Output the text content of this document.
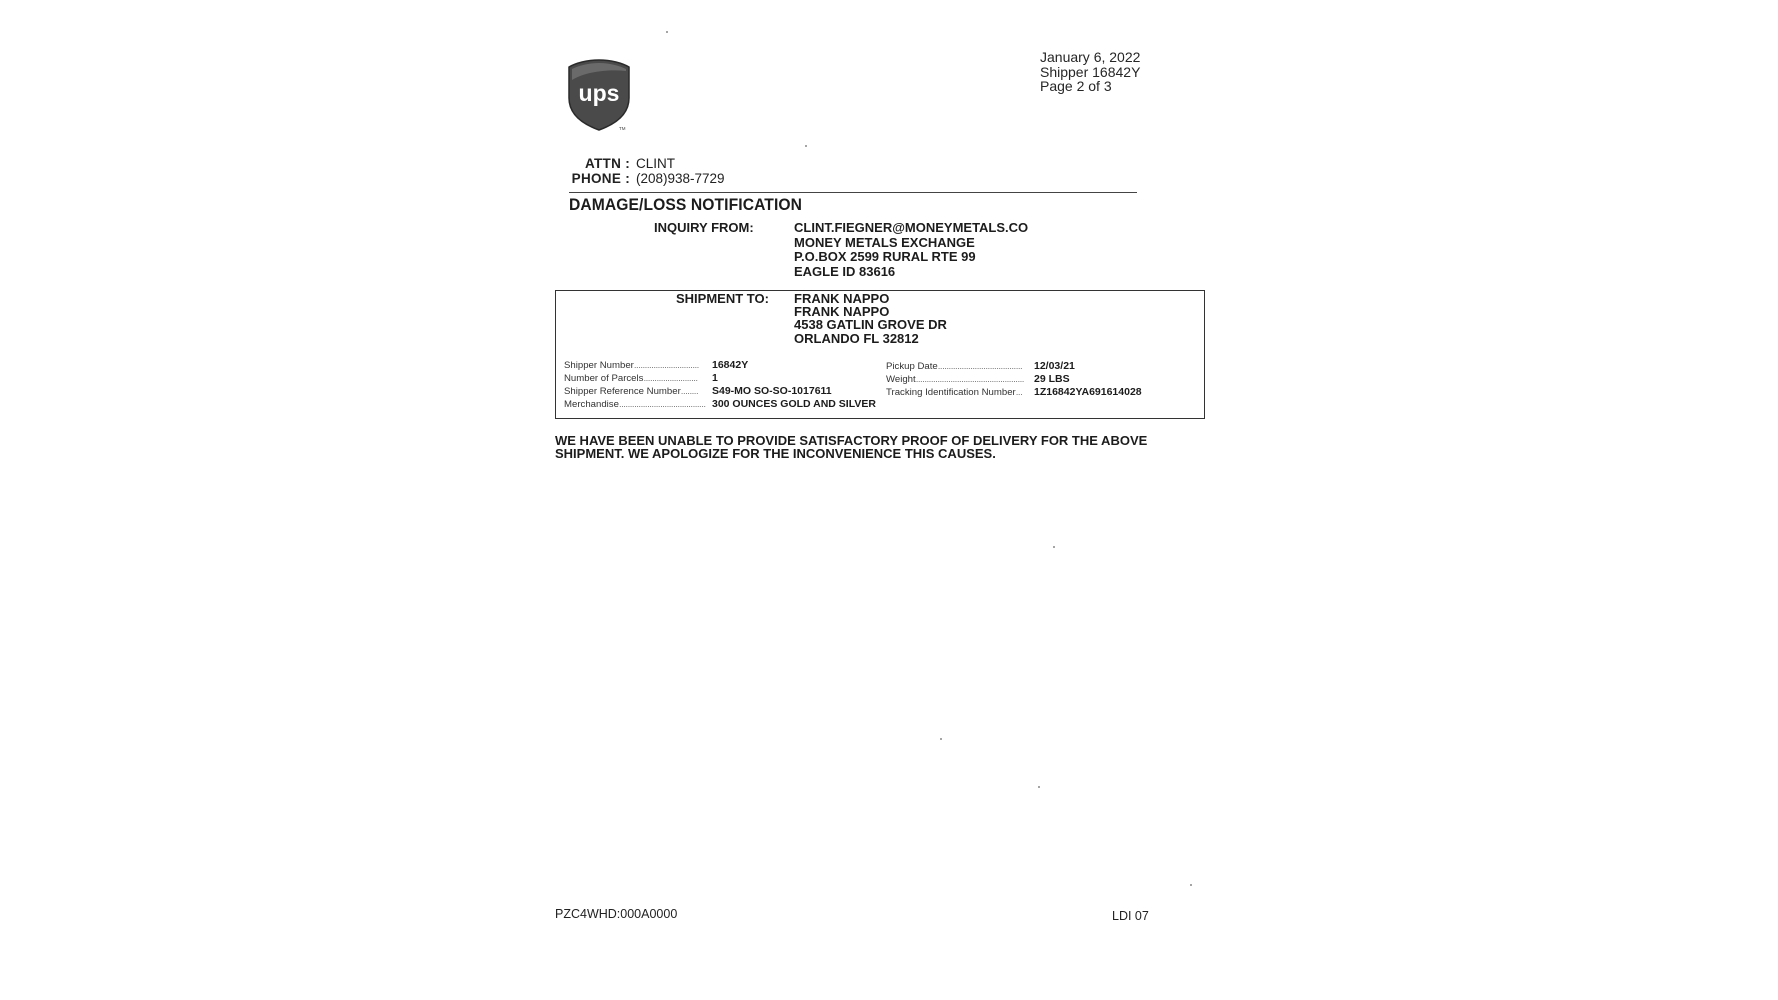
January 6, 2022
Shipper 16842Y
Page 2 of 3
ups
TM
ATTN : CLINT
PHONE : (208)938-7729
DAMAGE/LOSS NOTIFICATION
INQUIRY FROM:	CLINT.FIEGNER@MONEYMETALS.CO
MONEY METALS EXCHANGE
P.O.BOX 2599 RURAL RTE 99
EAGLE ID 83616
SHIPMENT TO: FRANK NAPPO
FRANK NAPPO
4538 GATLIN GROVE DR
ORLANDO FL 32812
Shipper Number.............................. 16842Y
Number of Parcels......................... 1
Shipper Reference Number........ S49-MO SO-SO-1017611
Merchandise........................................ 300 OUNCES GOLD AND SILVER
Pickup Date....................................... 12/03/21
Weight.................................................. 29 LBS
Tracking Identification Number... 1Z16842YA691614028
WE HAVE BEEN UNABLE TO PROVIDE SATISFACTORY PROOF OF DELIVERY FOR THE ABOVE SHIPMENT. WE APOLOGIZE FOR THE INCONVENIENCE THIS CAUSES.
PZC4WHD:000A0000	LDI 07
